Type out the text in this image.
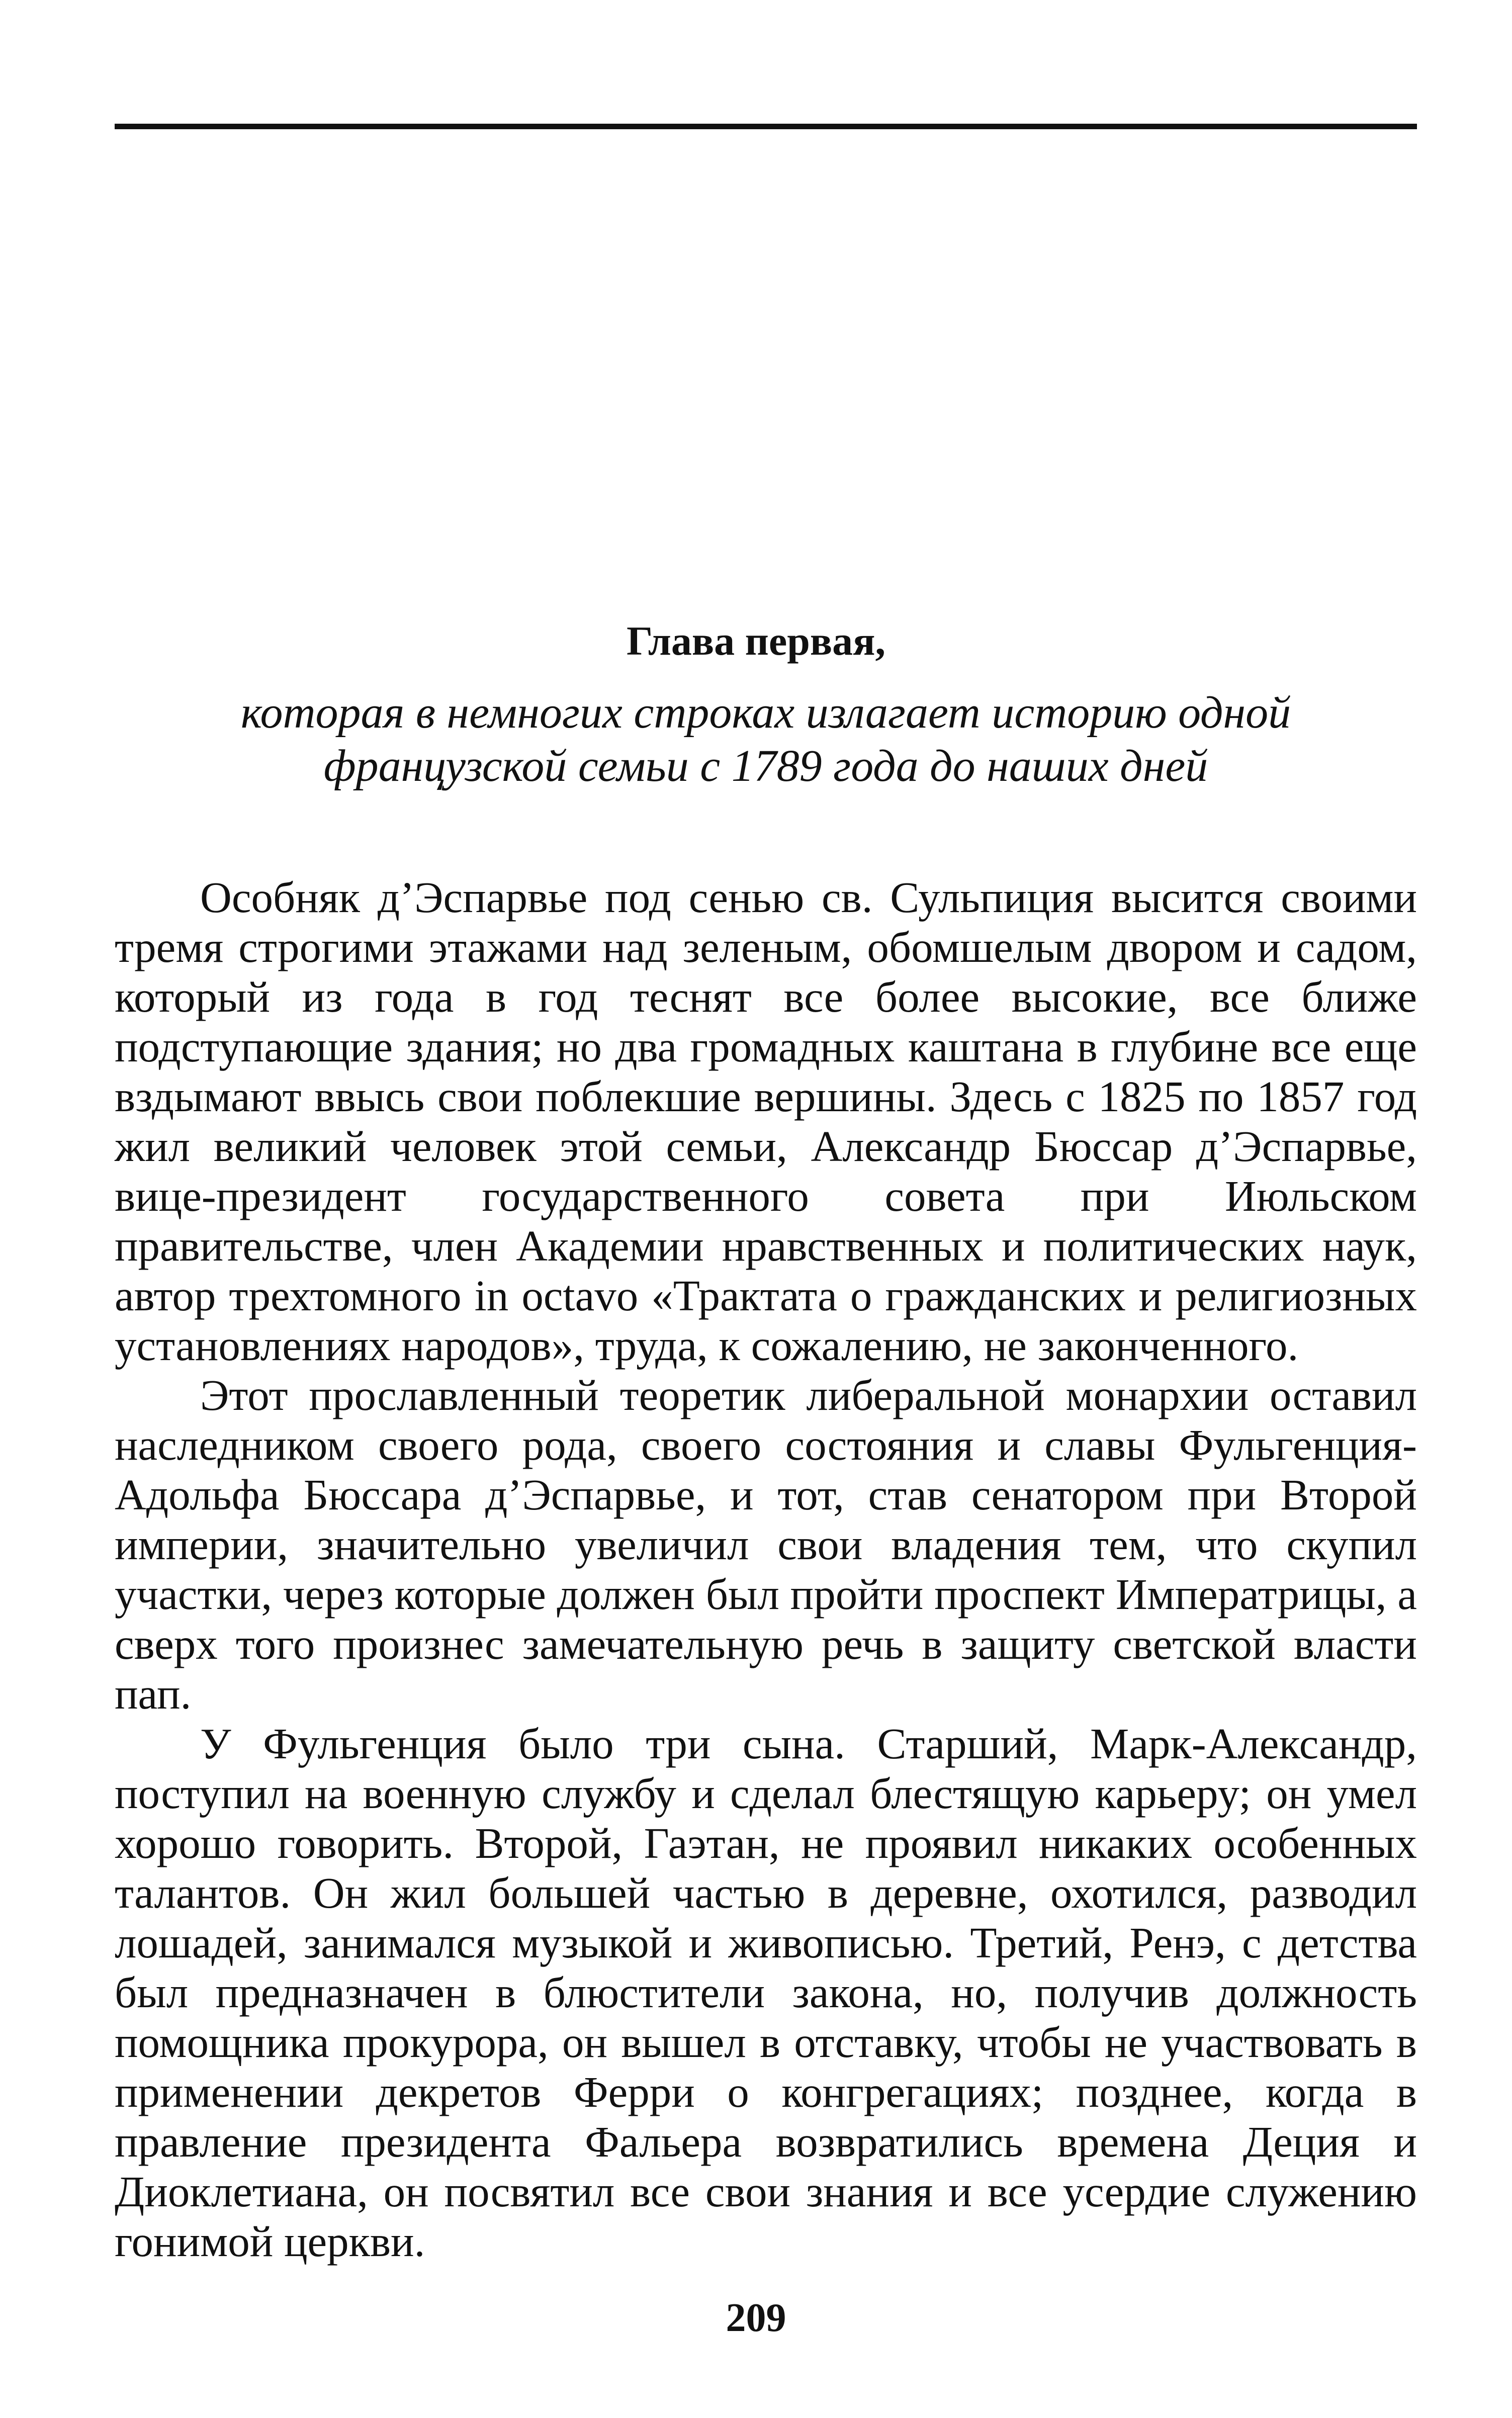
Глава первая,
которая в немногих строках излагает историю одной
французской семьи с 1789 года до наших дней

Особняк д’Эспарвье под сенью св. Сульпиция высится своими тремя строгими этажами над зеленым, обомшелым двором и садом, который из года в год теснят все более высокие, все ближе подступающие здания; но два громадных каштана в глубине все еще вздымают ввысь свои поблекшие вершины. Здесь с 1825 по 1857 год жил великий человек этой семьи, Александр Бюссар д’Эспарвье, вице-президент государственного совета при Июльском правительстве, член Академии нравственных и политических наук, автор трехтомного in octavo «Трактата о гражданских и религиозных установлениях народов», труда, к сожалению, не законченного.

Этот прославленный теоретик либеральной монархии оставил наследником своего рода, своего состояния и славы Фульгенция-Адольфа Бюссара д’Эспарвье, и тот, став сенатором при Второй империи, значительно увеличил свои владения тем, что скупил участки, через которые должен был пройти проспект Императрицы, а сверх того произнес замечательную речь в защиту светской власти пап.

У Фульгенция было три сына. Старший, Марк-Александр, поступил на военную службу и сделал блестящую карьеру; он умел хорошо говорить. Второй, Гаэтан, не проявил никаких особенных талантов. Он жил большей частью в деревне, охотился, разводил лошадей, занимался музыкой и живописью. Третий, Ренэ, с детства был предназначен в блюстители закона, но, получив должность помощника прокурора, он вышел в отставку, чтобы не участвовать в применении декретов Ферри о конгрегациях; позднее, когда в правление президента Фальера возвратились времена Деция и Диоклетиана, он посвятил все свои знания и все усердие служению гонимой церкви.

209
